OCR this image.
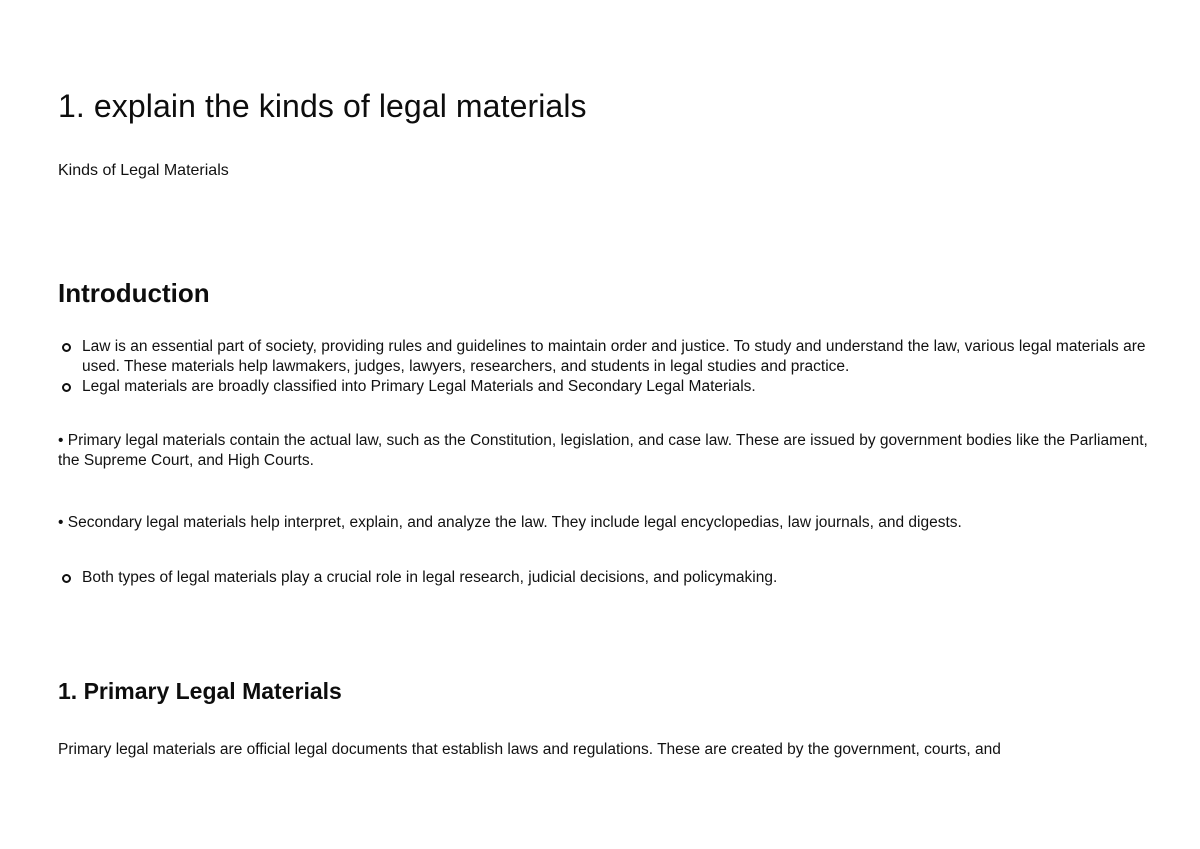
1. explain the kinds of legal materials

Kinds of Legal Materials

Introduction
Law is an essential part of society, providing rules and guidelines to maintain order and justice. To study and understand the law, various legal materials are used. These materials help lawmakers, judges, lawyers, researchers, and students in legal studies and practice.
Legal materials are broadly classified into Primary Legal Materials and Secondary Legal Materials.

• Primary legal materials contain the actual law, such as the Constitution, legislation, and case law. These are issued by government bodies like the Parliament, the Supreme Court, and High Courts.

• Secondary legal materials help interpret, explain, and analyze the law. They include legal encyclopedias, law journals, and digests.

Both types of legal materials play a crucial role in legal research, judicial decisions, and policymaking.
1. Primary Legal Materials

Primary legal materials are official legal documents that establish laws and regulations. These are created by the government, courts, and
